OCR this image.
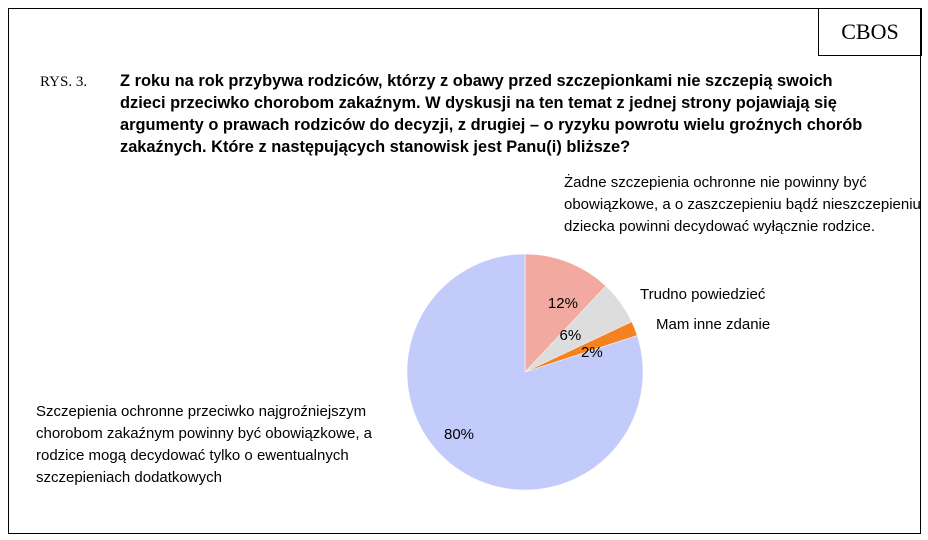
CBOS
RYS. 3. Z roku na rok przybywa rodziców, którzy z obawy przed szczepionkami nie szczepią swoich dzieci przeciwko chorobom zakaźnym. W dyskusji na ten temat z jednej strony pojawiają się argumenty o prawach rodziców do decyzji, z drugiej – o ryzyku powrotu wielu groźnych chorób zakaźnych. Które z następujących stanowisk jest Panu(i) bliższe?
12%
6%
2%
80%
Żadne szczepienia ochronne nie powinny być obowiązkowe, a o zaszczepieniu bądź nieszczepieniu dziecka powinni decydować wyłącznie rodzice.
Trudno powiedzieć
Mam inne zdanie
Szczepienia ochronne przeciwko najgroźniejszym chorobom zakaźnym powinny być obowiązkowe, a rodzice mogą decydować tylko o ewentualnych szczepieniach dodatkowych
